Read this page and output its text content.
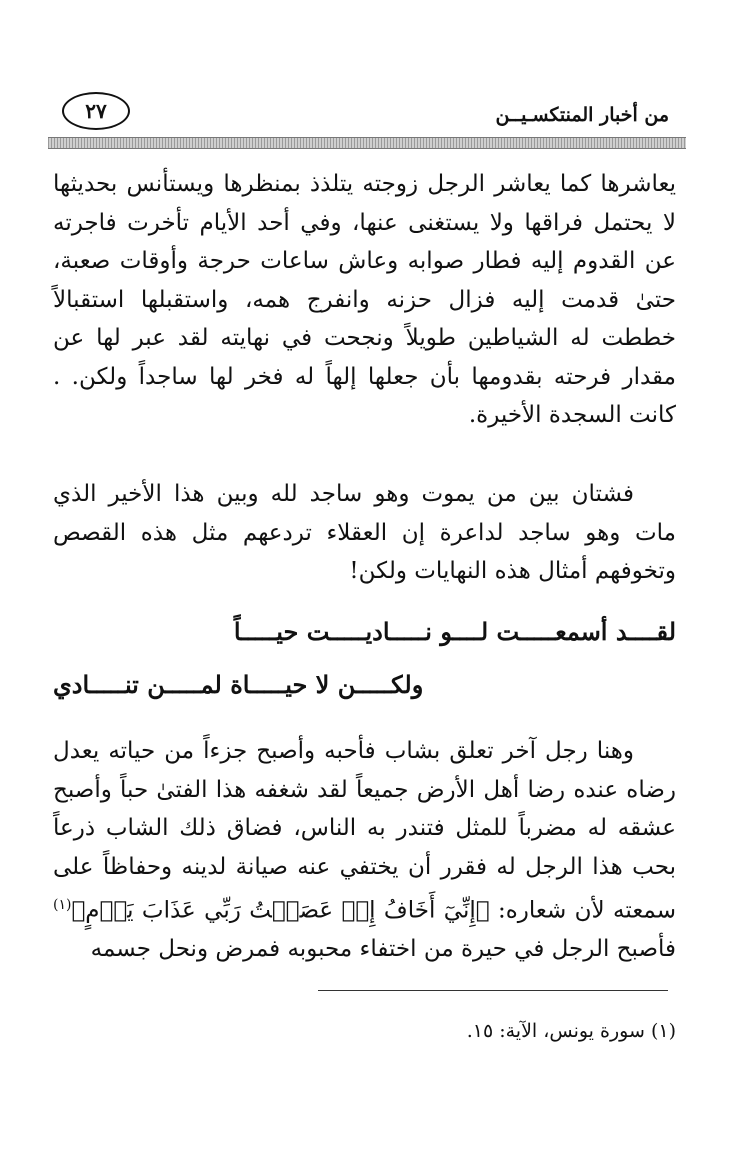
من أخبار المنتكسـيــن
٢٧

يعاشرها كما يعاشر الرجل زوجته يتلذذ بمنظرها ويستأنس بحديثها لا يحتمل فراقها ولا يستغنى عنها، وفي أحد الأيام تأخرت فاجرته عن القدوم إليه فطار صوابه وعاش ساعات حرجة وأوقات صعبة، حتىٰ قدمت إليه فزال حزنه وانفرج همه، واستقبلها استقبالاً خططت له الشياطين طويلاً ونجحت في نهايته لقد عبر لها عن مقدار فرحته بقدومها بأن جعلها إلهاً له فخر لها ساجداً ولكن. . كانت السجدة الأخيرة.

فشتان بين من يموت وهو ساجد لله وبين هذا الأخير الذي مات وهو ساجد لداعرة إن العقلاء تردعهم مثل هذه القصص وتخوفهم أمثال هذه النهايات ولكن!

لقــــد أسمعـــــت لــــو نـــــاديـــــت حيـــــاً
ولكـــــن لا حيـــــاة لمـــــن تنـــــادي

وهنا رجل آخر تعلق بشاب فأحبه وأصبح جزءاً من حياته يعدل رضاه عنده رضا أهل الأرض جميعاً لقد شغفه هذا الفتىٰ حباً وأصبح عشقه له مضرباً للمثل فتندر به الناس، فضاق ذلك الشاب ذرعاً بحب هذا الرجل له فقرر أن يختفي عنه صيانة لدينه وحفاظاً على سمعته لأن شعاره: ﴿إِنِّيٓ أَخَافُ إِنۡ عَصَيۡتُ رَبِّي عَذَابَ يَوۡمٍ﴾$^{(١)}$ فأصبح الرجل في حيرة من اختفاء محبوبه فمرض ونحل جسمه

(١) سورة يونس، الآية: ١٥.
